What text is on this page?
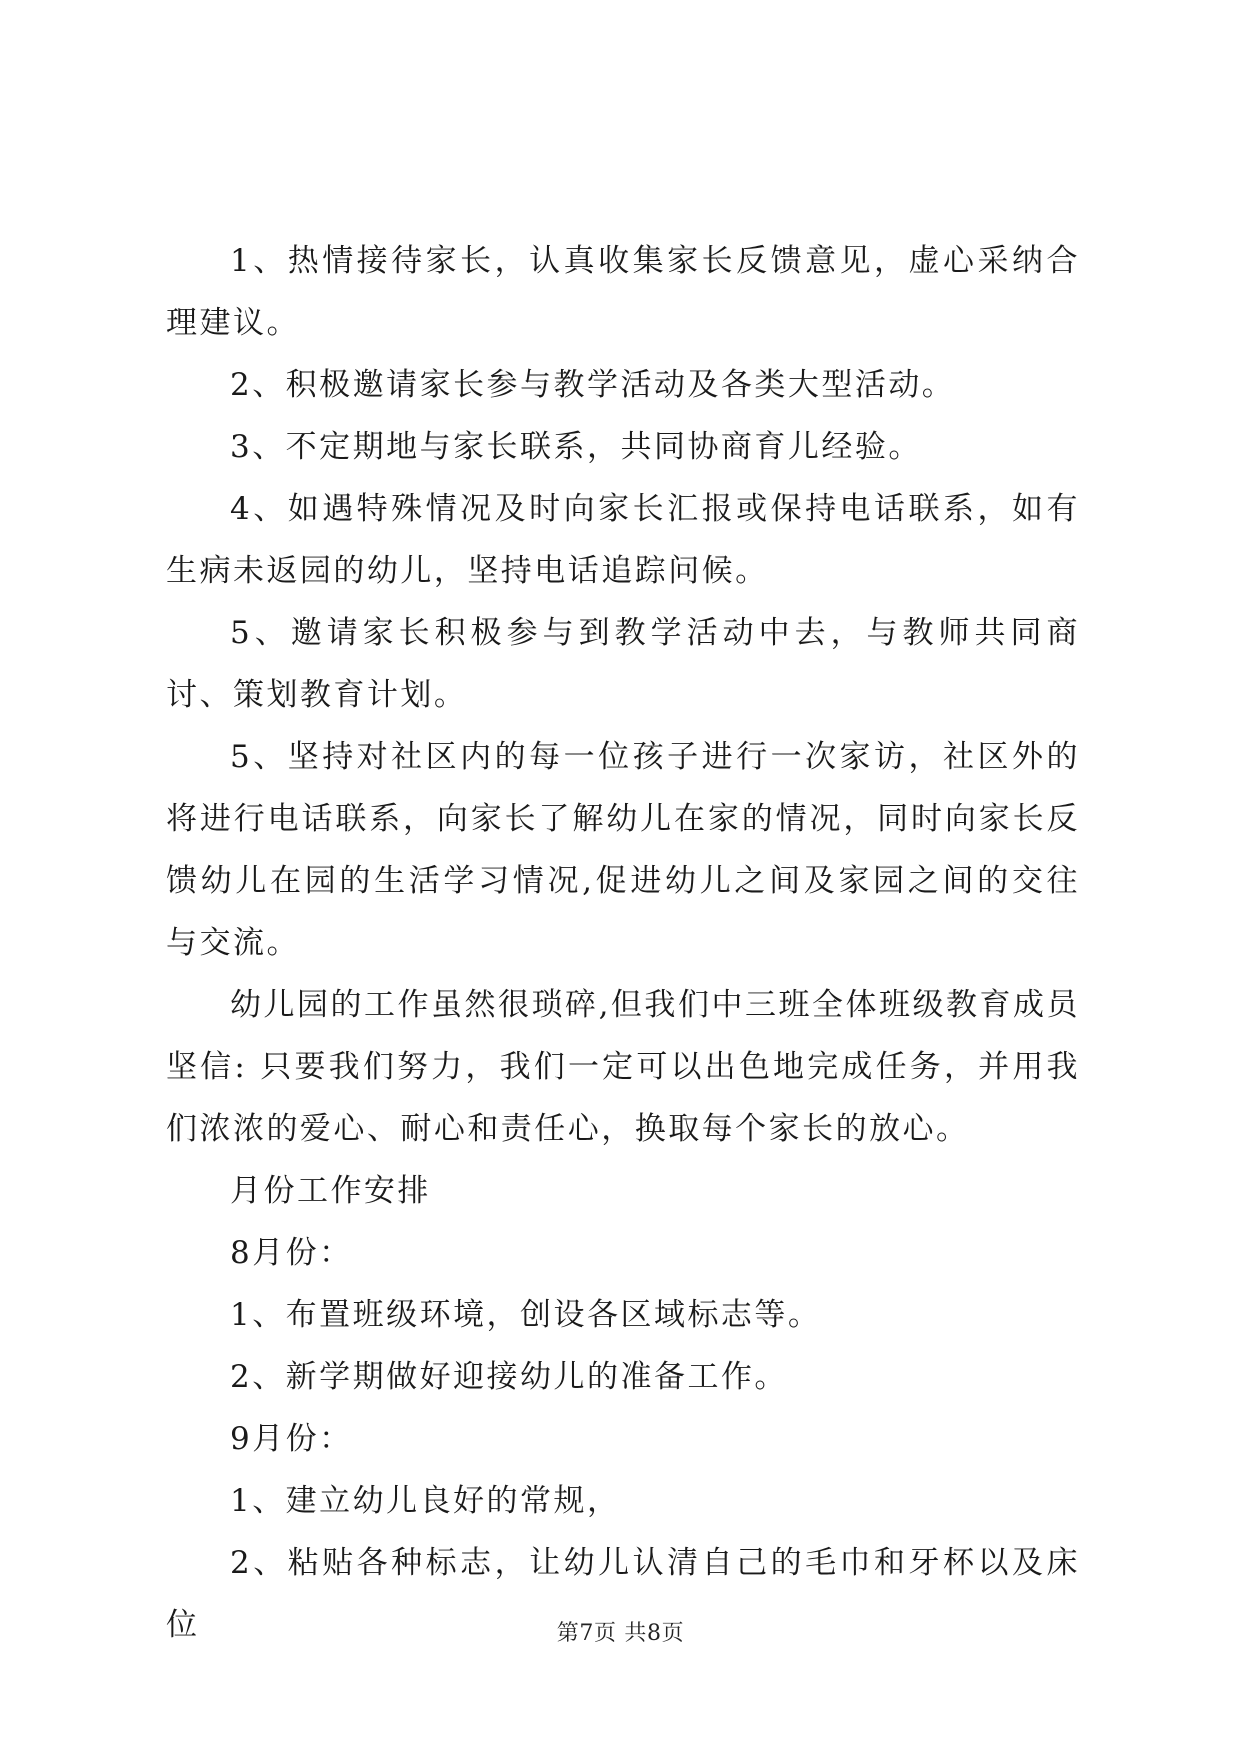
1、热情接待家长，认真收集家长反馈意见，虚心采纳合理建议。

2、积极邀请家长参与教学活动及各类大型活动。

3、不定期地与家长联系，共同协商育儿经验。

4、如遇特殊情况及时向家长汇报或保持电话联系，如有生病未返园的幼儿，坚持电话追踪问候。

5、邀请家长积极参与到教学活动中去，与教师共同商讨、策划教育计划。

5、坚持对社区内的每一位孩子进行一次家访，社区外的将进行电话联系，向家长了解幼儿在家的情况，同时向家长反馈幼儿在园的生活学习情况,促进幼儿之间及家园之间的交往与交流。

幼儿园的工作虽然很琐碎,但我们中三班全体班级教育成员坚信: 只要我们努力，我们一定可以出色地完成任务，并用我们浓浓的爱心、耐心和责任心，换取每个家长的放心。

月份工作安排

8月份：

1、布置班级环境，创设各区域标志等。

2、新学期做好迎接幼儿的准备工作。

9月份：

1、建立幼儿良好的常规，

2、粘贴各种标志，让幼儿认清自己的毛巾和牙杯以及床位	第7页 共8页
